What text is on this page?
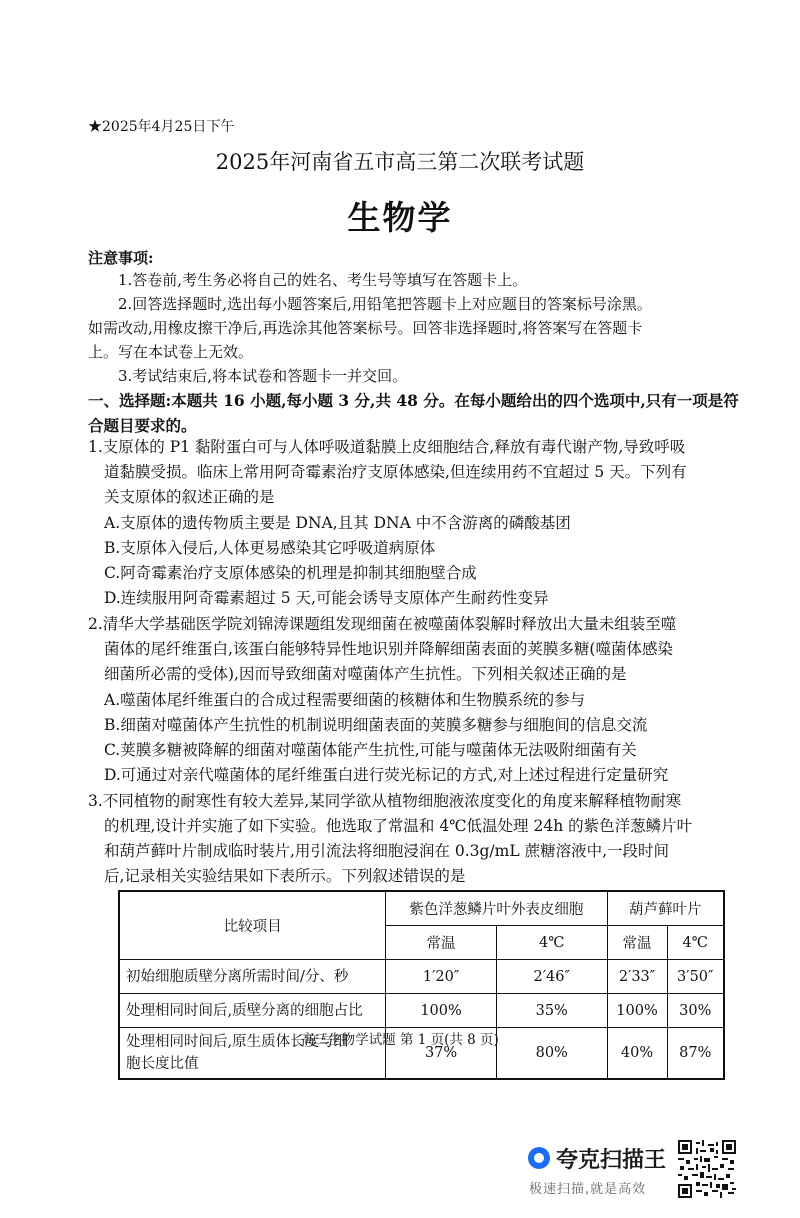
★2025年4月25日下午
2025年河南省五市高三第二次联考试题
生物学
注意事项:
1.答卷前,考生务必将自己的姓名、考生号等填写在答题卡上。
2.回答选择题时,选出每小题答案后,用铅笔把答题卡上对应题目的答案标号涂黑。
如需改动,用橡皮擦干净后,再选涂其他答案标号。回答非选择题时,将答案写在答题卡
上。写在本试卷上无效。
3.考试结束后,将本试卷和答题卡一并交回。
一、选择题:本题共 16 小题,每小题 3 分,共 48 分。在每小题给出的四个选项中,只有一项是符合题目要求的。
1.支原体的 P1 黏附蛋白可与人体呼吸道黏膜上皮细胞结合,释放有毒代谢产物,导致呼吸
道黏膜受损。临床上常用阿奇霉素治疗支原体感染,但连续用药不宜超过 5 天。下列有
关支原体的叙述正确的是
A.支原体的遗传物质主要是 DNA,且其 DNA 中不含游离的磷酸基团
B.支原体入侵后,人体更易感染其它呼吸道病原体
C.阿奇霉素治疗支原体感染的机理是抑制其细胞壁合成
D.连续服用阿奇霉素超过 5 天,可能会诱导支原体产生耐药性变异
2.清华大学基础医学院刘锦涛课题组发现细菌在被噬菌体裂解时释放出大量未组装至噬
菌体的尾纤维蛋白,该蛋白能够特异性地识别并降解细菌表面的荚膜多糖(噬菌体感染
细菌所必需的受体),因而导致细菌对噬菌体产生抗性。下列相关叙述正确的是
A.噬菌体尾纤维蛋白的合成过程需要细菌的核糖体和生物膜系统的参与
B.细菌对噬菌体产生抗性的机制说明细菌表面的荚膜多糖参与细胞间的信息交流
C.荚膜多糖被降解的细菌对噬菌体能产生抗性,可能与噬菌体无法吸附细菌有关
D.可通过对亲代噬菌体的尾纤维蛋白进行荧光标记的方式,对上述过程进行定量研究
3.不同植物的耐寒性有较大差异,某同学欲从植物细胞液浓度变化的角度来解释植物耐寒
的机理,设计并实施了如下实验。他选取了常温和 4℃低温处理 24h 的紫色洋葱鳞片叶
和葫芦藓叶片制成临时装片,用引流法将细胞浸润在 0.3g/mL 蔗糖溶液中,一段时间
后,记录相关实验结果如下表所示。下列叙述错误的是
比较项目	紫色洋葱鳞片叶外表皮细胞		葫芦藓叶片	
	常温	4℃	常温	4℃
初始细胞质壁分离所需时间/分、秒	1′20″	2′46″	2′33″	3′50″
处理相同时间后,质壁分离的细胞占比	100%	35%	100%	30%

处理相同时间后,原生质体长度与细
胞长度比值	37%	80%	40%	87%
高三生物学试题 第 1 页(共 8 页)
夸克扫描王
极速扫描,就是高效
